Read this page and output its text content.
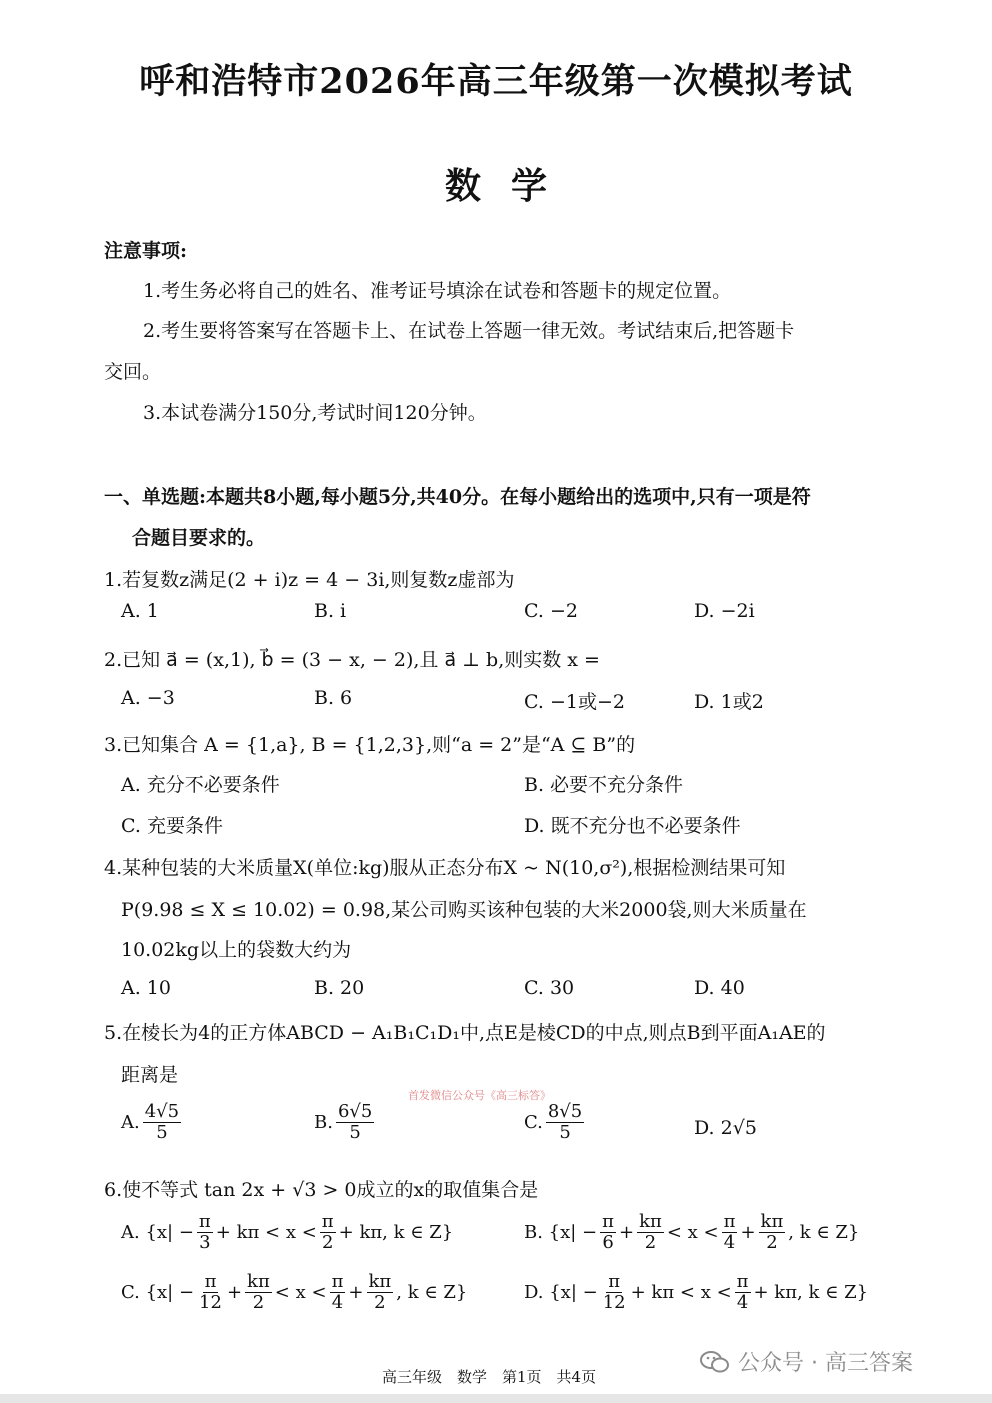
呼和浩特市2026年高三年级第一次模拟考试
数学
注意事项:
1.考生务必将自己的姓名、准考证号填涂在试卷和答题卡的规定位置。
2.考生要将答案写在答题卡上、在试卷上答题一律无效。考试结束后,把答题卡
交回。
3.本试卷满分150分,考试时间120分钟。
一、单选题:本题共8小题,每小题5分,共40分。在每小题给出的选项中,只有一项是符
合题目要求的。
1.若复数z满足(2 + i)z = 4 − 3i,则复数z虚部为
A. 1	B. i	C. −2	D. −2i
2.已知 a⃗ = (x,1), b⃗ = (3 − x, − 2),且 a⃗ ⊥ b,则实数 x =
A. −3	B. 6	C. −1或−2	D. 1或2
3.已知集合 A = {1,a}, B = {1,2,3},则“a = 2”是“A ⊆ B”的
A. 充分不必要条件	B. 必要不充分条件
C. 充要条件	D. 既不充分也不必要条件
4.某种包装的大米质量X(单位:kg)服从正态分布X ~ N(10,σ²),根据检测结果可知
P(9.98 ≤ X ≤ 10.02) = 0.98,某公司购买该种包装的大米2000袋,则大米质量在
10.02kg以上的袋数大约为
A. 10	B. 20	C. 30	D. 40
5.在棱长为4的正方体ABCD − A₁B₁C₁D₁中,点E是棱CD的中点,则点B到平面A₁AE的
距离是
首发微信公众号《高三标答》
A. $\frac{4√5}{5}$	B. $\frac{6√5}{5}$	C. $\frac{8√5}{5}$	D. 2√5
6.使不等式 tan 2x + √3 > 0成立的x的取值集合是
A. {$x| - \frac{\pi}{3} + k\pi < x < \frac{\pi}{2} + k\pi$, k ∈ Z}	B. {$x| - \frac{\pi}{6} + \frac{k\pi}{2} < x < \frac{\pi}{4} + \frac{k\pi}{2}$ , k ∈ Z}
C. {$x| - \frac{\pi}{12} + \frac{k\pi}{2} < x < \frac{\pi}{4} + \frac{k\pi}{2}$ , k ∈ Z}	D. {$x| - \frac{\pi}{12} + k\pi < x < \frac{\pi}{4} + k\pi$, k ∈ Z}
高三年级　数学　第1页　共4页
公众号 · 高三答案
